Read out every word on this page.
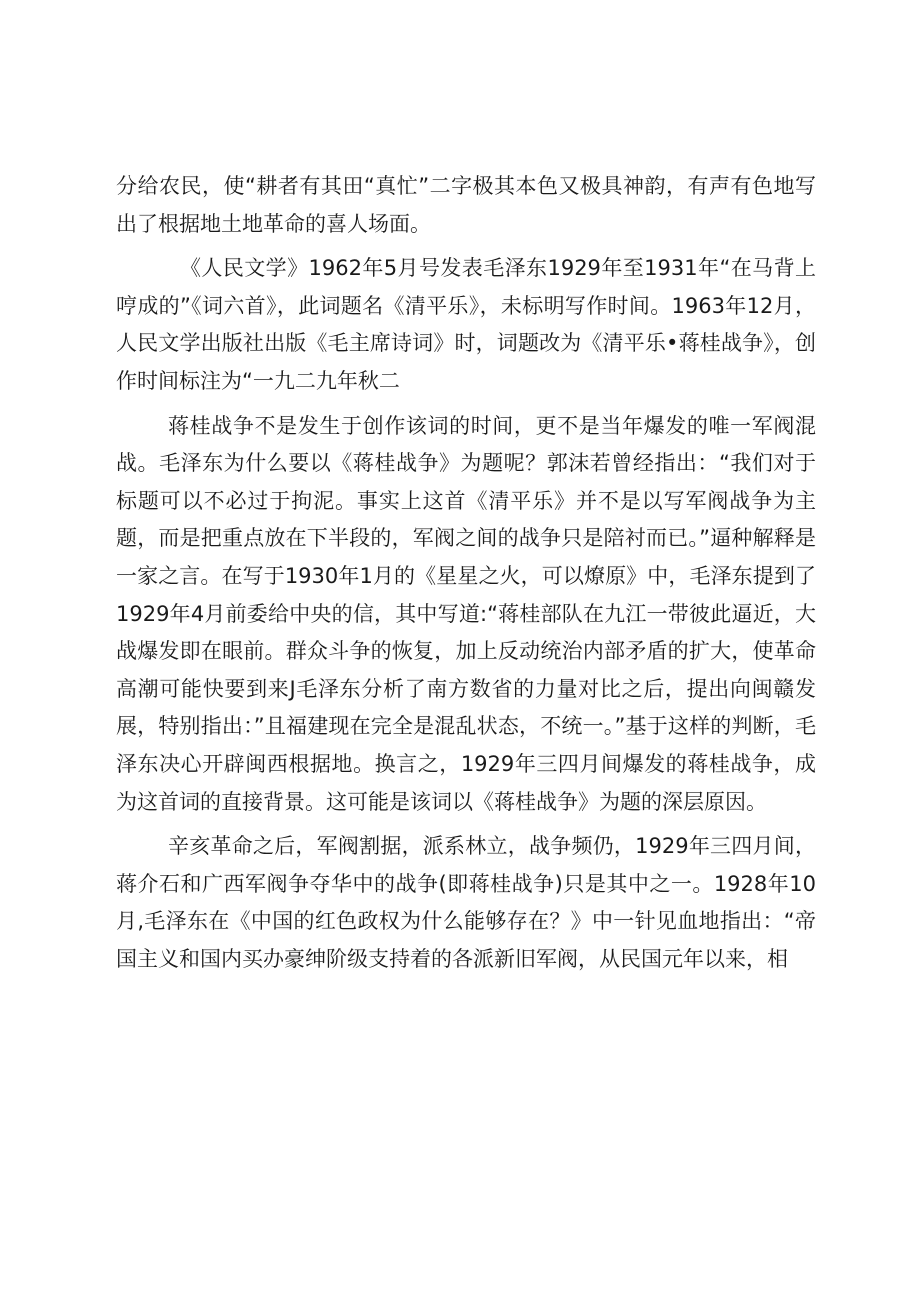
分给农民，使“耕者有其田“真忙”二字极其本色又极具神韵，有声有色地写出了根据地土地革命的喜人场面。

《人民文学》1962年5月号发表毛泽东1929年至1931年“在马背上哼成的”《词六首》，此词题名《清平乐》，未标明写作时间。1963年12月，人民文学出版社出版《毛主席诗词》时，词题改为《清平乐•蒋桂战争》，创作时间标注为“一九二九年秋二

蒋桂战争不是发生于创作该词的时间，更不是当年爆发的唯一军阀混战。毛泽东为什么要以《蒋桂战争》为题呢？郭沫若曾经指出：“我们对于标题可以不必过于拘泥。事实上这首《清平乐》并不是以写军阀战争为主题，而是把重点放在下半段的，军阀之间的战争只是陪衬而已。”逼种解释是一家之言。在写于1930年1月的《星星之火，可以燎原》中，毛泽东提到了1929年4月前委给中央的信，其中写道:“蒋桂部队在九江一带彼此逼近，大战爆发即在眼前。群众斗争的恢复，加上反动统治内部矛盾的扩大，使革命高潮可能快要到来J毛泽东分析了南方数省的力量对比之后，提出向闽赣发展，特别指出：”且福建现在完全是混乱状态，不统一。”基于这样的判断，毛泽东决心开辟闽西根据地。换言之，1929年三四月间爆发的蒋桂战争，成为这首词的直接背景。这可能是该词以《蒋桂战争》为题的深层原因。

辛亥革命之后，军阀割据，派系林立，战争频仍，1929年三四月间，蒋介石和广西军阀争夺华中的战争(即蒋桂战争)只是其中之一。1928年10月,毛泽东在《中国的红色政权为什么能够存在？》中一针见血地指出：“帝国主义和国内买办豪绅阶级支持着的各派新旧军阀，从民国元年以来，相
